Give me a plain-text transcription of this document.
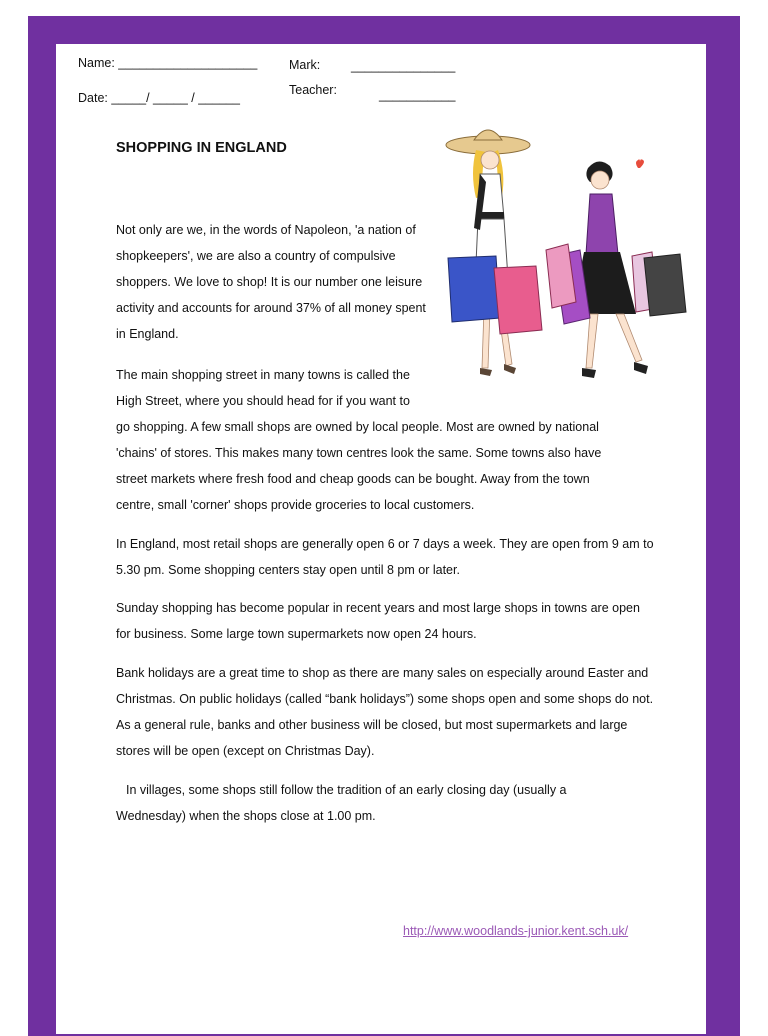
Name: ____________________
Date: _____/ _____ / ______
Mark: _______________
Teacher:	___________
SHOPPING IN ENGLAND

Not only are we, in the words of Napoleon, 'a nation of shopkeepers', we are also a country of compulsive shoppers. We love to shop! It is our number one leisure activity and accounts for around 37% of all money spent in England.

The main shopping street in many towns is called the
High Street, where you should head for if you want to
go shopping. A few small shops are owned by local people. Most are owned by national
'chains' of stores. This makes many town centres look the same. Some towns also have
street markets where fresh food and cheap goods can be bought. Away from the town
centre, small 'corner' shops provide groceries to local customers.

In England, most retail shops are generally open 6 or 7 days a week. They are open from 9 am to 5.30 pm. Some shopping centers stay open until 8 pm or later.

Sunday shopping has become popular in recent years and most large shops in towns are open for business. Some large town supermarkets now open 24 hours.

Bank holidays are a great time to shop as there are many sales on especially around Easter and Christmas. On public holidays (called “bank holidays”) some shops open and some shops do not. As a general rule, banks and other business will be closed, but most supermarkets and large stores will be open (except on Christmas Day).

In villages, some shops still follow the tradition of an early closing day (usually a Wednesday) when the shops close at 1.00 pm.

http://www.woodlands-junior.kent.sch.uk/
